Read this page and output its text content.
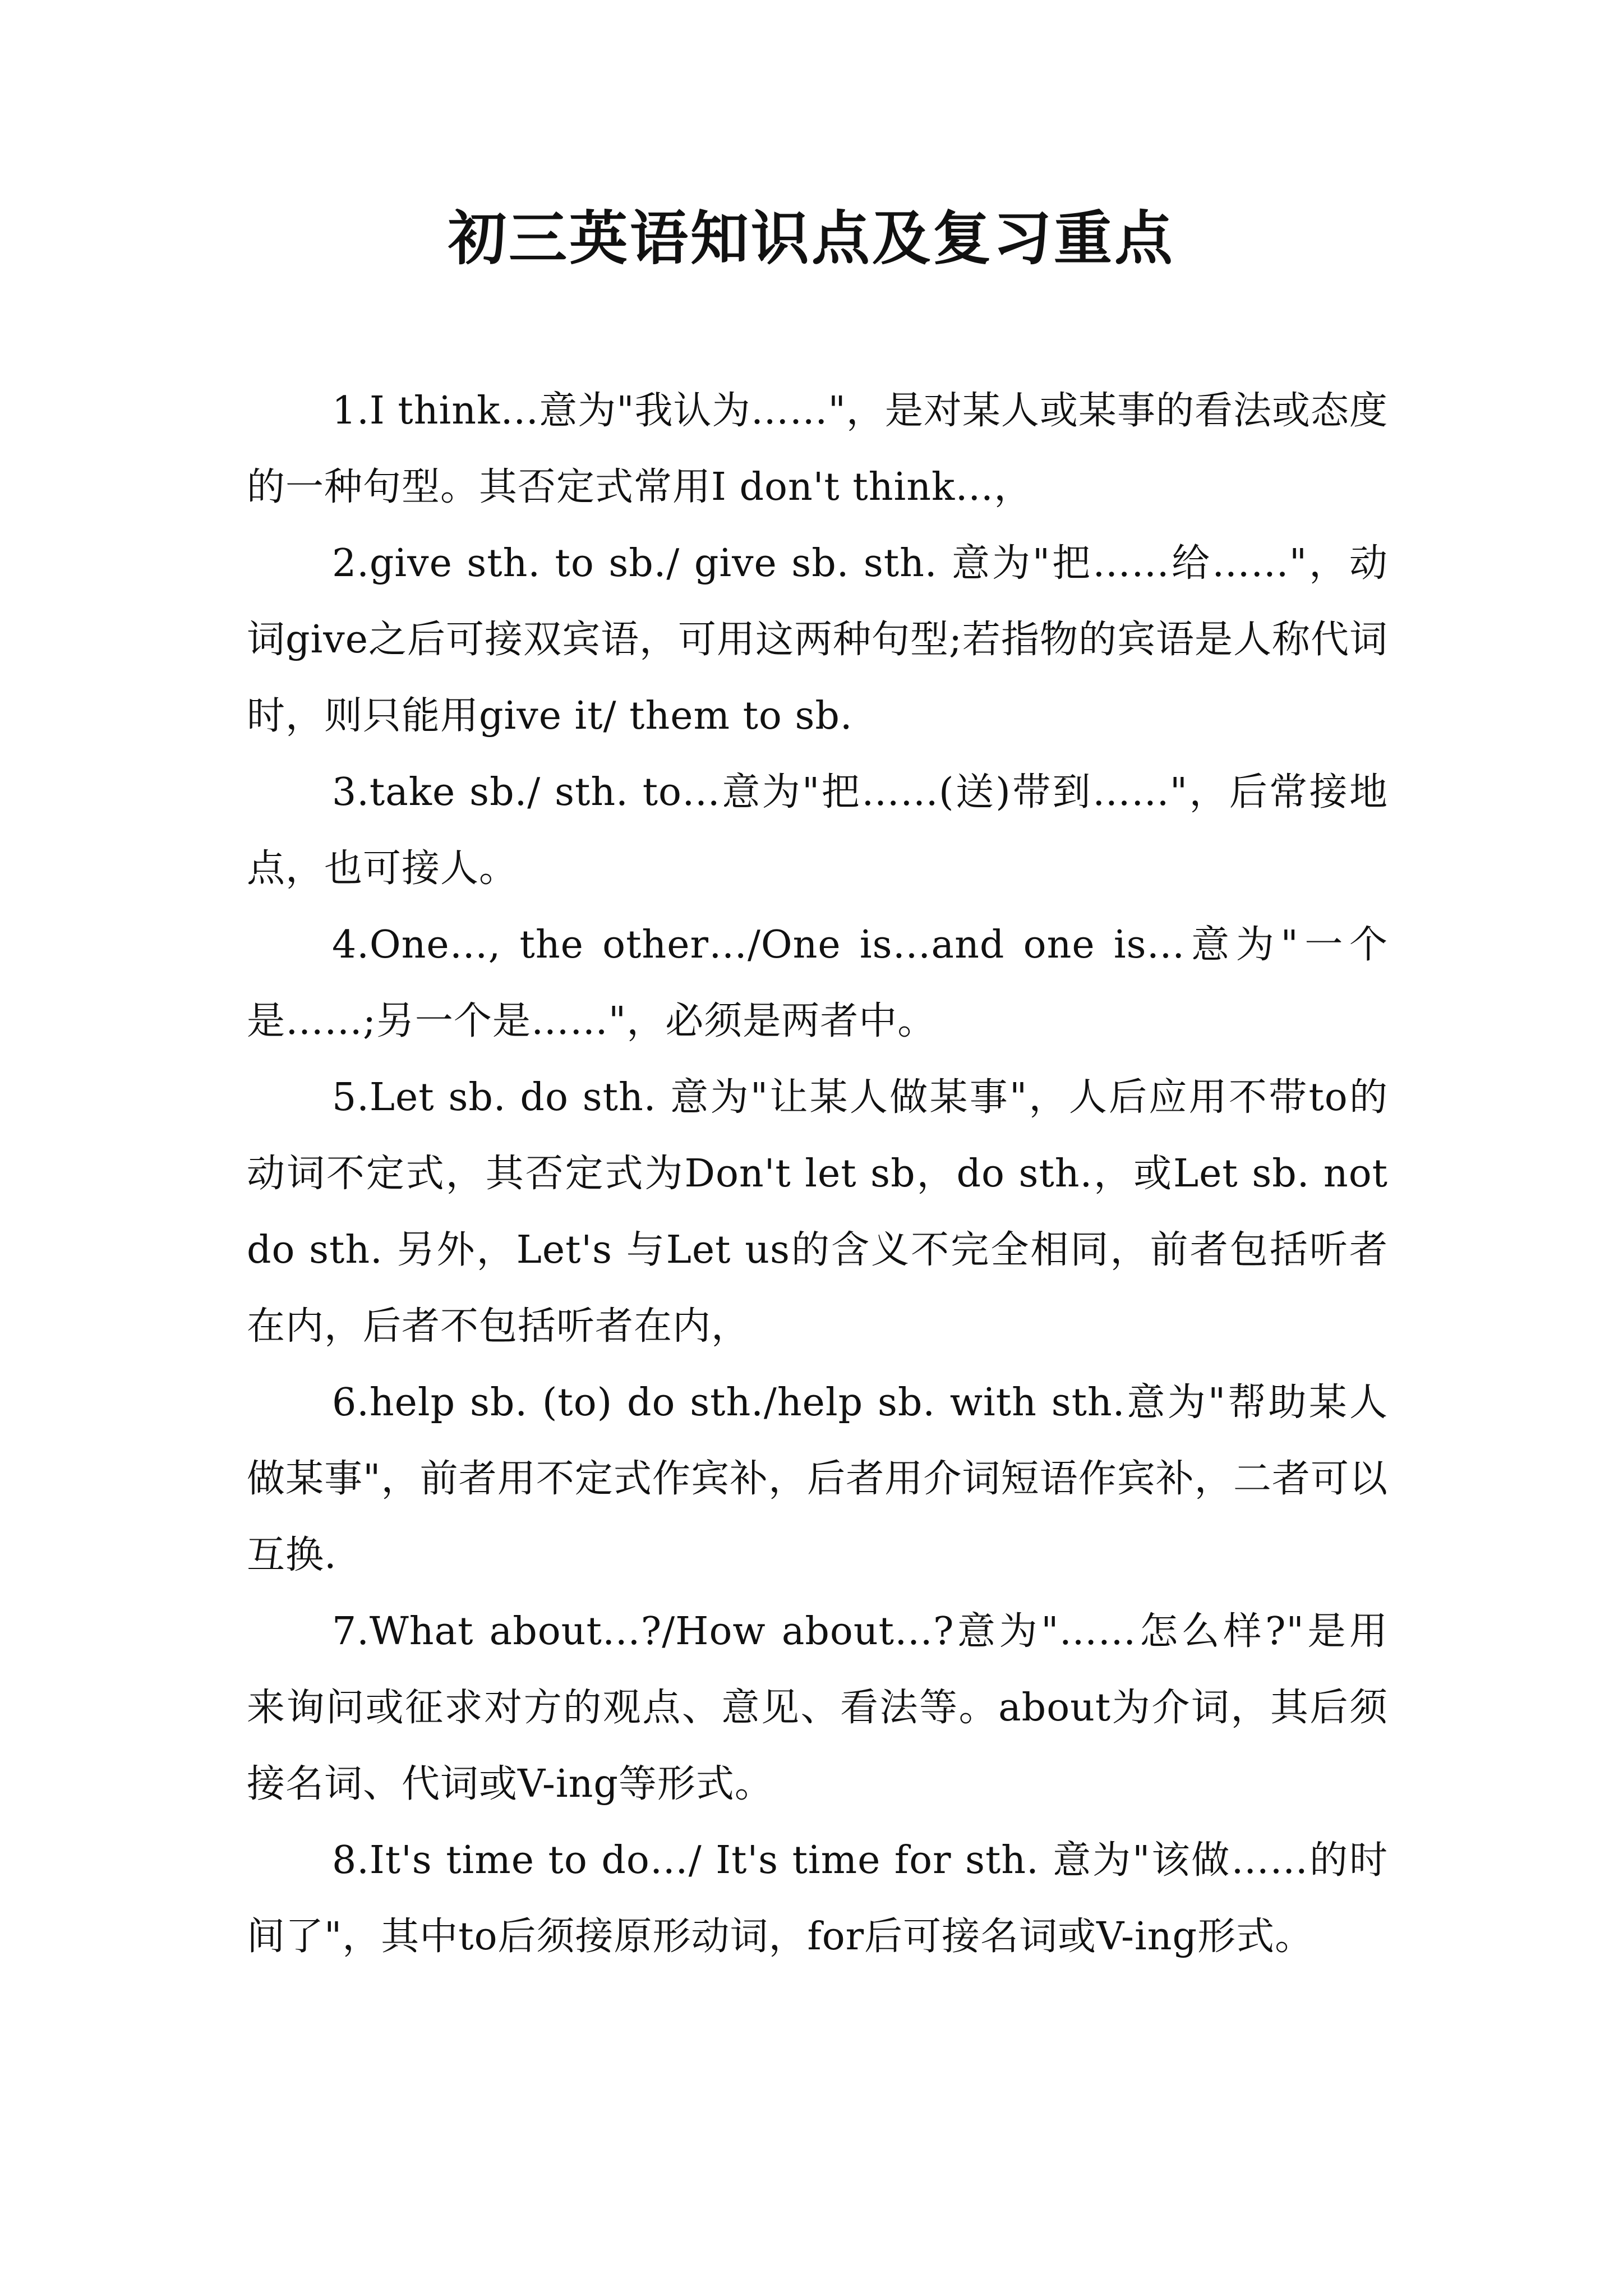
初三英语知识点及复习重点

1.I think…意为"我认为……"，是对某人或某事的看法或态度的一种句型。其否定式常用I don't think…，

2.give sth. to sb./ give sb. sth. 意为"把……给……"，动词give之后可接双宾语，可用这两种句型;若指物的宾语是人称代词时，则只能用give it/ them to sb.

3.take sb./ sth. to…意为"把……(送)带到……"，后常接地点，也可接人。

4.One…, the other…/One is…and one is…意为"一个是……;另一个是……"，必须是两者中。

5.Let sb. do sth. 意为"让某人做某事"，人后应用不带to的动词不定式，其否定式为Don't let sb，do sth.，或Let sb. not do sth. 另外，Let's 与Let us的含义不完全相同，前者包括听者在内，后者不包括听者在内，

6.help sb. (to) do sth./help sb. with sth.意为"帮助某人做某事"，前者用不定式作宾补，后者用介词短语作宾补，二者可以互换.

7.What about…?/How about…?意为"……怎么样?"是用来询问或征求对方的观点、意见、看法等。about为介词，其后须接名词、代词或V-ing等形式。

8.It's time to do…/ It's time for sth. 意为"该做……的时间了"，其中to后须接原形动词，for后可接名词或V-ing形式。
